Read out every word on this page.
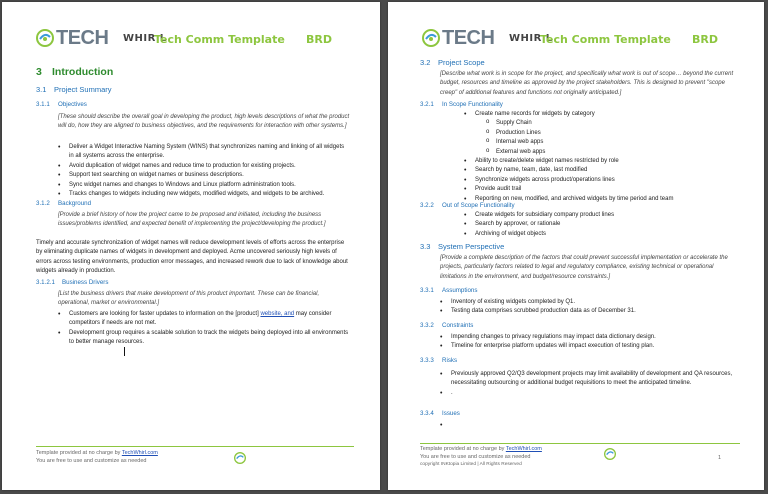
TECH WHIR L
Tech Comm Template BRD
3 Introduction
3.1 Project Summary
3.1.1 Objectives
[These should describe the overall goal in developing the product, high levels descriptions of what the product will do, how they are aligned to business objectives, and the requirements for interaction with other systems.]
• Deliver a Widget Interactive Naming System (WINS) that synchronizes naming and linking of all widgets in all systems across the enterprise.
• Avoid duplication of widget names and reduce time to production for existing projects.
• Support text searching on widget names or business descriptions.
• Sync widget names and changes to Windows and Linux platform administration tools.
• Tracks changes to widgets including new widgets, modified widgets, and widgets to be archived.
3.1.2 Background
[Provide a brief history of how the project came to be proposed and initiated, including the business issues/problems identified, and expected benefit of implementing the project/developing the product.]
Timely and accurate synchronization of widget names will reduce development levels of efforts across the enterprise by eliminating duplicate names of widgets in development and deployed. Acme uncovered seriously high levels of errors across testing environments, production error messages, and increased rework due to lack of knowledge about widgets already in production.
3.1.2.1 Business Drivers
[List the business drivers that make development of this product important. These can be financial, operational, market or environmental.]
• Customers are looking for faster updates to information on the [product] website, and may consider competitors if needs are not met.
• Development group requires a scalable solution to track the widgets being deployed into all environments to better manage resources.
Template provided at no charge by TechWhirl.com
You are free to use and customize as needed
TECH WHIR L
Tech Comm Template BRD
3.2 Project Scope
[Describe what work is in scope for the project, and specifically what work is out of scope… beyond the current budget, resources and timeline as approved by the project stakeholders. This is designed to prevent "scope creep" of additional features and functions not originally anticipated.]
3.2.1 In Scope Functionality
• Create name records for widgets by category
o Supply Chain
o Production Lines
o Internal web apps
o External web apps
• Ability to create/delete widget names restricted by role
• Search by name, team, date, last modified
• Synchronize widgets across product/operations lines
• Provide audit trail
• Reporting on new, modified, and archived widgets by time period and team
3.2.2 Out of Scope Functionality
• Create widgets for subsidiary company product lines
• Search by approver, or rationale
• Archiving of widget objects
3.3 System Perspective
[Provide a complete description of the factors that could prevent successful implementation or accelerate the projects, particularly factors related to legal and regulatory compliance, existing technical or operational limitations in the environment, and budget/resource constraints.]
3.3.1 Assumptions
• Inventory of existing widgets completed by Q1.
• Testing data comprises scrubbed production data as of December 31.
3.3.2 Constraints
• Impending changes to privacy regulations may impact data dictionary design.
• Timeline for enterprise platform updates will impact execution of testing plan.
3.3.3 Risks
• Previously approved Q2/Q3 development projects may limit availability of development and QA resources, necessitating outsourcing or additional budget requisitions to meet the anticipated timeline.
• .
3.3.4 Issues
Template provided at no charge by TechWhirl.com
You are free to use and customize as needed
copyright INKtopia Limited | All Rights Reserved
1
